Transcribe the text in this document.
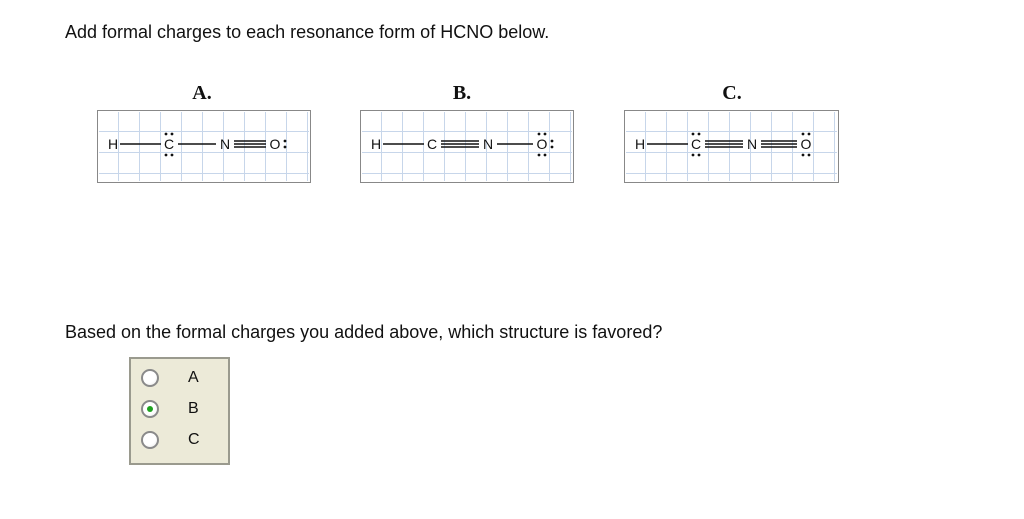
Add formal charges to each resonance form of HCNO below.
A.
H	C	N	O
B.
H	C	N	O
C.
H	C	N	O
Based on the formal charges you added above, which structure is favored?
A
B
C
